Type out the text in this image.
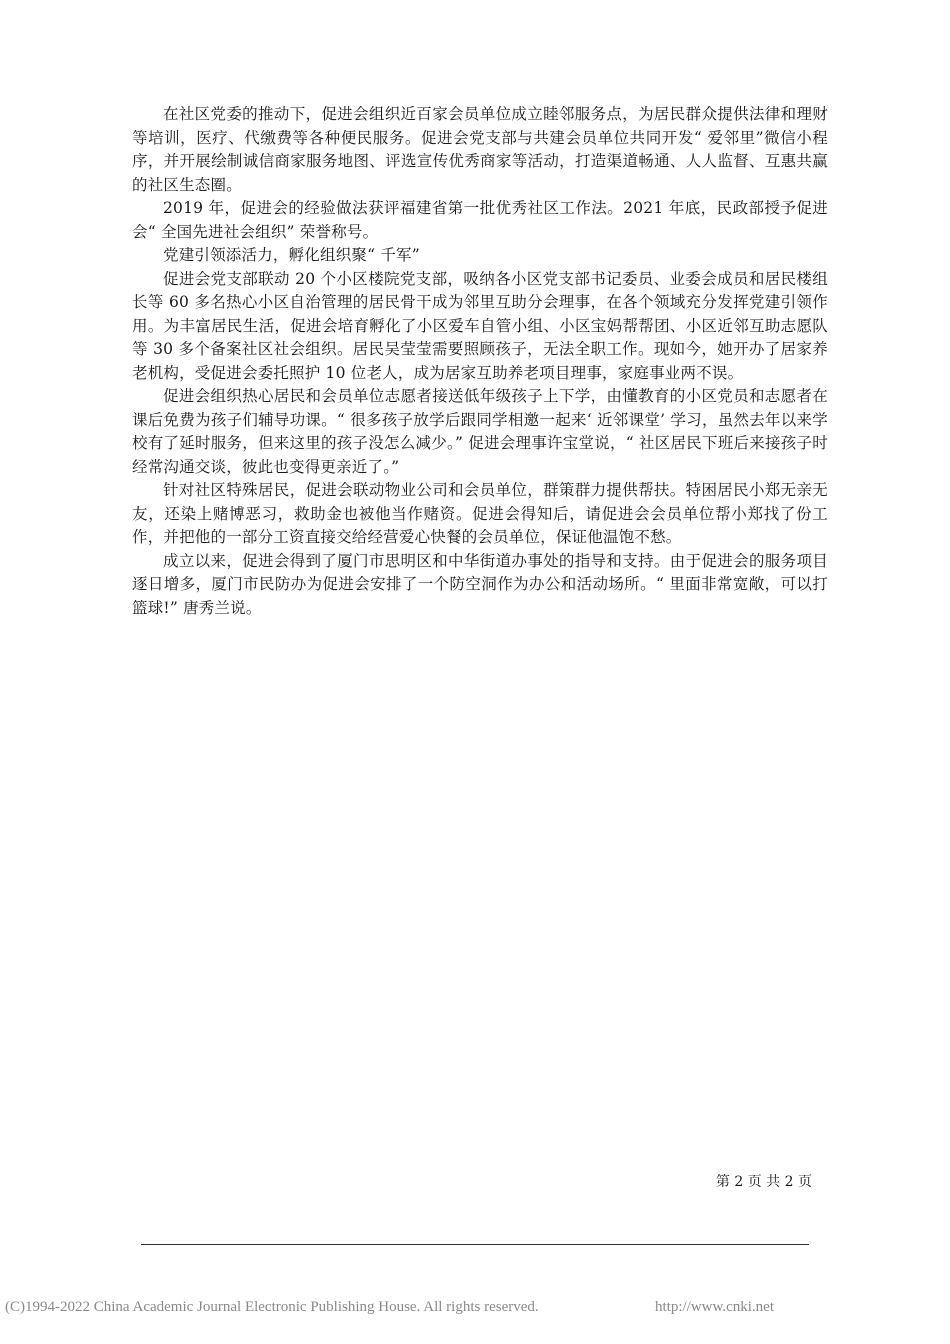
在社区党委的推动下，促进会组织近百家会员单位成立睦邻服务点，为居民群众提供法律和理财等培训，医疗、代缴费等各种便民服务。促进会党支部与共建会员单位共同开发“ 爱邻里”微信小程序，并开展绘制诚信商家服务地图、评选宣传优秀商家等活动，打造渠道畅通、人人监督、互惠共赢的社区生态圈。

2019 年，促进会的经验做法获评福建省第一批优秀社区工作法。2021 年底，民政部授予促进会“ 全国先进社会组织” 荣誉称号。

党建引领添活力，孵化组织聚“ 千军”

促进会党支部联动 20 个小区楼院党支部，吸纳各小区党支部书记委员、业委会成员和居民楼组长等 60 多名热心小区自治管理的居民骨干成为邻里互助分会理事，在各个领域充分发挥党建引领作用。为丰富居民生活，促进会培育孵化了小区爱车自管小组、小区宝妈帮帮团、小区近邻互助志愿队等 30 多个备案社区社会组织。居民吴莹莹需要照顾孩子，无法全职工作。现如今，她开办了居家养老机构，受促进会委托照护 10 位老人，成为居家互助养老项目理事，家庭事业两不误。

促进会组织热心居民和会员单位志愿者接送低年级孩子上下学，由懂教育的小区党员和志愿者在课后免费为孩子们辅导功课。“ 很多孩子放学后跟同学相邀一起来‘ 近邻课堂’ 学习，虽然去年以来学校有了延时服务，但来这里的孩子没怎么减少。” 促进会理事许宝堂说，“ 社区居民下班后来接孩子时经常沟通交谈，彼此也变得更亲近了。”

针对社区特殊居民，促进会联动物业公司和会员单位，群策群力提供帮扶。特困居民小郑无亲无友，还染上赌博恶习，救助金也被他当作赌资。促进会得知后，请促进会会员单位帮小郑找了份工作，并把他的一部分工资直接交给经营爱心快餐的会员单位，保证他温饱不愁。

成立以来，促进会得到了厦门市思明区和中华街道办事处的指导和支持。由于促进会的服务项目逐日增多，厦门市民防办为促进会安排了一个防空洞作为办公和活动场所。“ 里面非常宽敞，可以打篮球!” 唐秀兰说。

第 2 页 共 2 页
(C)1994-2022 China Academic Journal Electronic Publishing House. All rights reserved.	http://www.cnki.net
